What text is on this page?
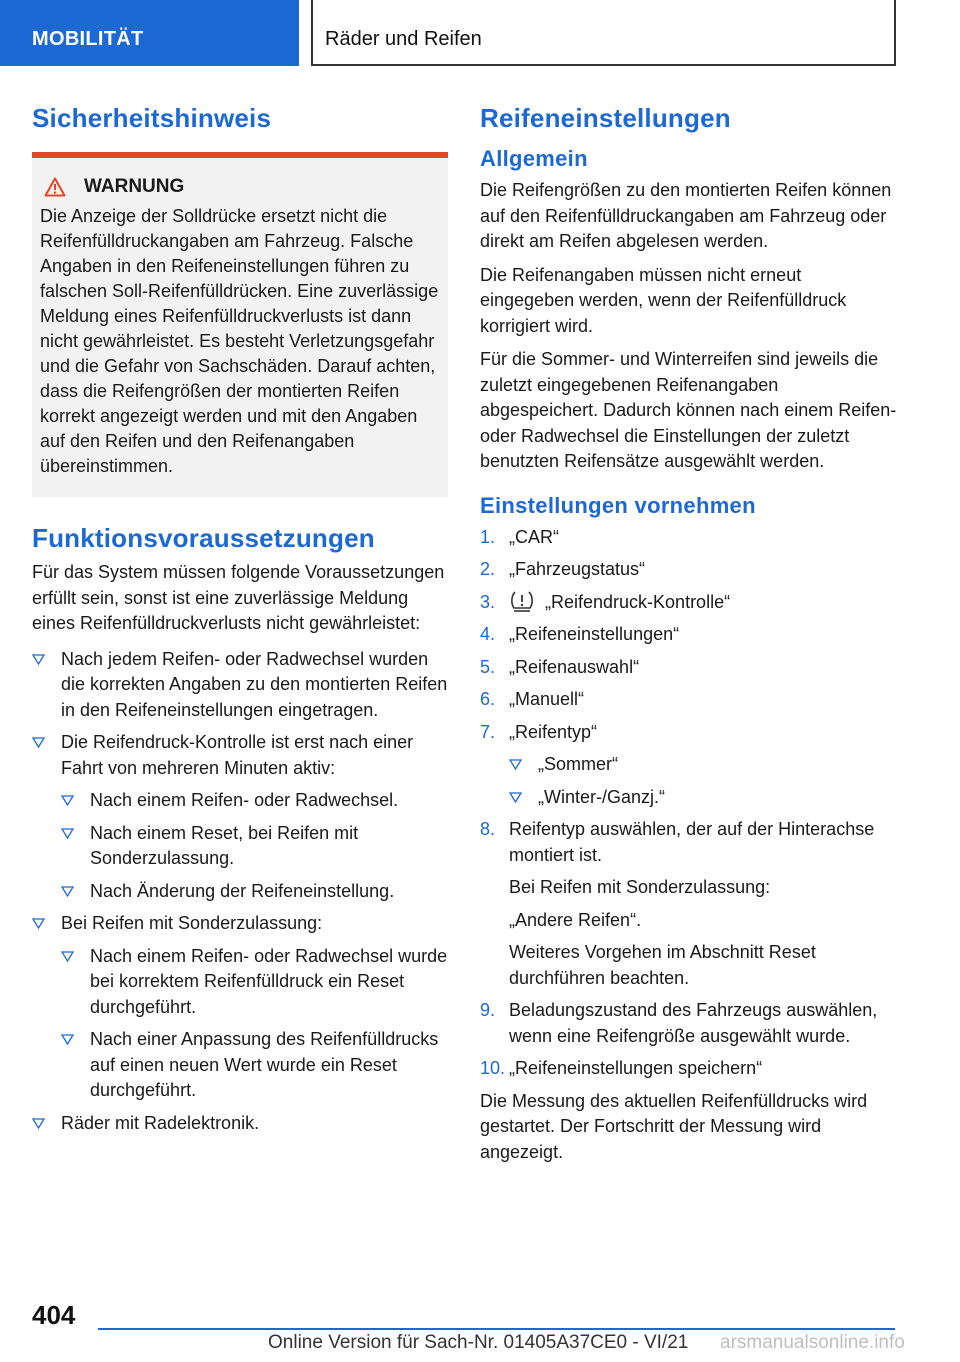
MOBILITÄT	Räder und Reifen
Sicherheitshinweis
WARNUNG
Die Anzeige der Solldrücke ersetzt nicht die Reifenfülldruckangaben am Fahrzeug. Falsche Angaben in den Reifeneinstellungen führen zu falschen Soll-Reifenfülldrücken. Eine zuverlässige Meldung eines Reifenfülldruckverlusts ist dann nicht gewährleistet. Es besteht Verletzungsgefahr und die Gefahr von Sachschäden. Darauf achten, dass die Reifengrößen der montierten Reifen korrekt angezeigt werden und mit den Angaben auf den Reifen und den Reifenangaben übereinstimmen.
Funktionsvoraussetzungen

Für das System müssen folgende Voraussetzungen erfüllt sein, sonst ist eine zuverlässige Meldung eines Reifenfülldruckverlusts nicht gewährleistet:

Nach jedem Reifen- oder Radwechsel wurden die korrekten Angaben zu den montierten Reifen in den Reifeneinstellungen eingetragen.
Die Reifendruck-Kontrolle ist erst nach einer Fahrt von mehreren Minuten aktiv:
Nach einem Reifen- oder Radwechsel.
Nach einem Reset, bei Reifen mit Sonderzulassung.
Nach Änderung der Reifeneinstellung.
Bei Reifen mit Sonderzulassung:
Nach einem Reifen- oder Radwechsel wurde bei korrektem Reifenfülldruck ein Reset durchgeführt.
Nach einer Anpassung des Reifenfülldrucks auf einen neuen Wert wurde ein Reset durchgeführt.
Räder mit Radelektronik.
Reifeneinstellungen
Allgemein

Die Reifengrößen zu den montierten Reifen können auf den Reifenfülldruckangaben am Fahrzeug oder direkt am Reifen abgelesen werden.

Die Reifenangaben müssen nicht erneut eingegeben werden, wenn der Reifenfülldruck korrigiert wird.

Für die Sommer- und Winterreifen sind jeweils die zuletzt eingegebenen Reifenangaben abgespeichert. Dadurch können nach einem Reifen- oder Radwechsel die Einstellungen der zuletzt benutzten Reifensätze ausgewählt werden.

Einstellungen vornehmen
1. „CAR“
2. „Fahrzeugstatus“
3.	„Reifendruck-Kontrolle“
4. „Reifeneinstellungen“
5. „Reifenauswahl“
6. „Manuell“
7. „Reifentyp“
„Sommer“
„Winter-/Ganzj.“
8. Reifentyp auswählen, der auf der Hinterachse montiert ist.
Bei Reifen mit Sonderzulassung:
„Andere Reifen“.
Weiteres Vorgehen im Abschnitt Reset durchführen beachten.
9. Beladungszustand des Fahrzeugs auswählen, wenn eine Reifengröße ausgewählt wurde.
10. „Reifeneinstellungen speichern“

Die Messung des aktuellen Reifenfülldrucks wird gestartet. Der Fortschritt der Messung wird angezeigt.

404
Online Version für Sach-Nr. 01405A37CE0 - VI/21 arsmanualsonline.info
